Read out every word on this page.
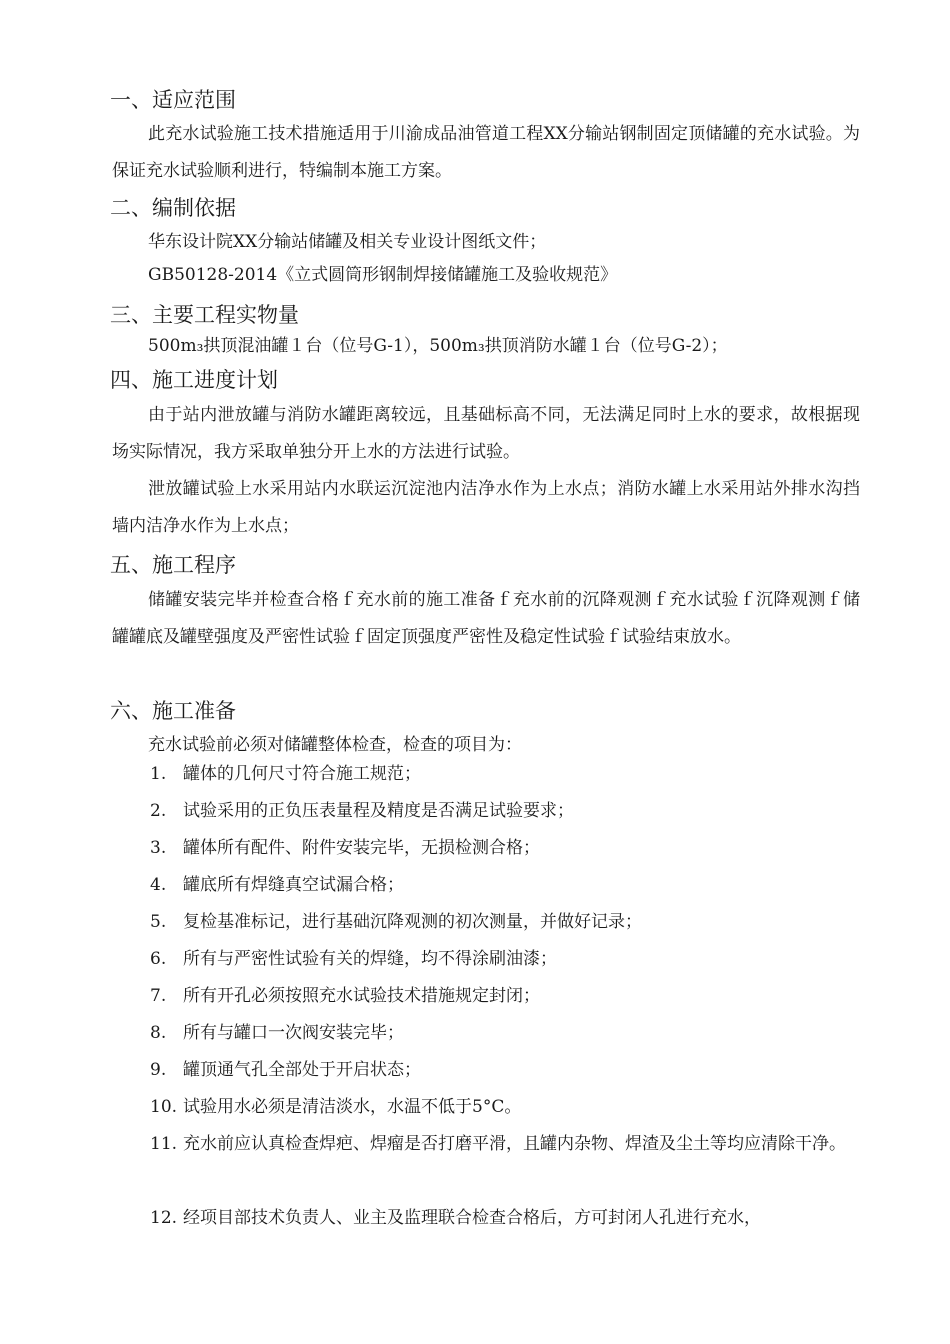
一、适应范围
此充水试验施工技术措施适用于川渝成品油管道工程XX分输站钢制固定顶储罐的充水试验。为保证充水试验顺利进行，特编制本施工方案。
二、编制依据
华东设计院XX分输站储罐及相关专业设计图纸文件；
GB50128-2014《立式圆筒形钢制焊接储罐施工及验收规范》
三、主要工程实物量
500m₃拱顶混油罐１台（位号G-1），500m₃拱顶消防水罐１台（位号G-2）；
四、施工进度计划
由于站内泄放罐与消防水罐距离较远，且基础标高不同，无法满足同时上水的要求，故根据现场实际情况，我方采取单独分开上水的方法进行试验。
泄放罐试验上水采用站内水联运沉淀池内洁净水作为上水点；消防水罐上水采用站外排水沟挡墙内洁净水作为上水点；
五、施工程序
储罐安装完毕并检查合格ｆ充水前的施工准备ｆ充水前的沉降观测ｆ充水试验ｆ沉降观测ｆ储罐罐底及罐壁强度及严密性试验ｆ固定顶强度严密性及稳定性试验ｆ试验结束放水。
六、施工准备
充水试验前必须对储罐整体检查，检查的项目为：
1. 罐体的几何尺寸符合施工规范；
2. 试验采用的正负压表量程及精度是否满足试验要求；
3. 罐体所有配件、附件安装完毕，无损检测合格；
4. 罐底所有焊缝真空试漏合格；
5. 复检基准标记，进行基础沉降观测的初次测量，并做好记录；
6. 所有与严密性试验有关的焊缝，均不得涂刷油漆；
7. 所有开孔必须按照充水试验技术措施规定封闭；
8. 所有与罐口一次阀安装完毕；
9. 罐顶通气孔全部处于开启状态；
10. 试验用水必须是清洁淡水，水温不低于5°C。
11. 充水前应认真检查焊疤、焊瘤是否打磨平滑，且罐内杂物、焊渣及尘土等均应清除干净。
12. 经项目部技术负责人、业主及监理联合检查合格后，方可封闭人孔进行充水，
